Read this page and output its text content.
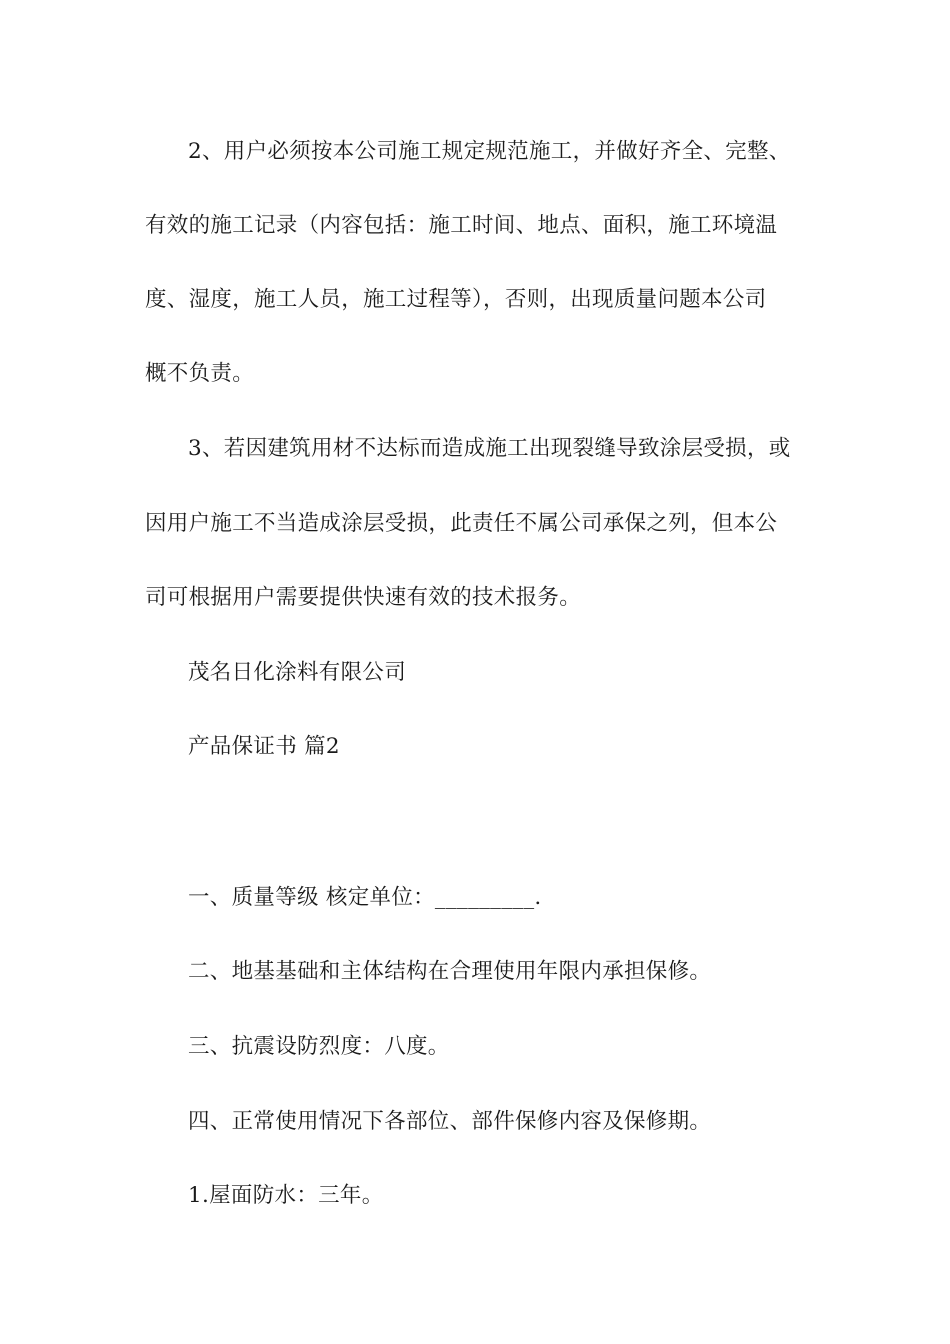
2、用户必须按本公司施工规定规范施工，并做好齐全、完整、
有效的施工记录（内容包括：施工时间、地点、面积，施工环境温
度、湿度，施工人员，施工过程等），否则，出现质量问题本公司
概不负责。
3、若因建筑用材不达标而造成施工出现裂缝导致涂层受损，或
因用户施工不当造成涂层受损，此责任不属公司承保之列，但本公
司可根据用户需要提供快速有效的技术报务。
茂名日化涂料有限公司
产品保证书 篇2
一、质量等级 核定单位：_________.
二、地基基础和主体结构在合理使用年限内承担保修。
三、抗震设防烈度：八度。
四、正常使用情况下各部位、部件保修内容及保修期。
1.屋面防水：三年。
